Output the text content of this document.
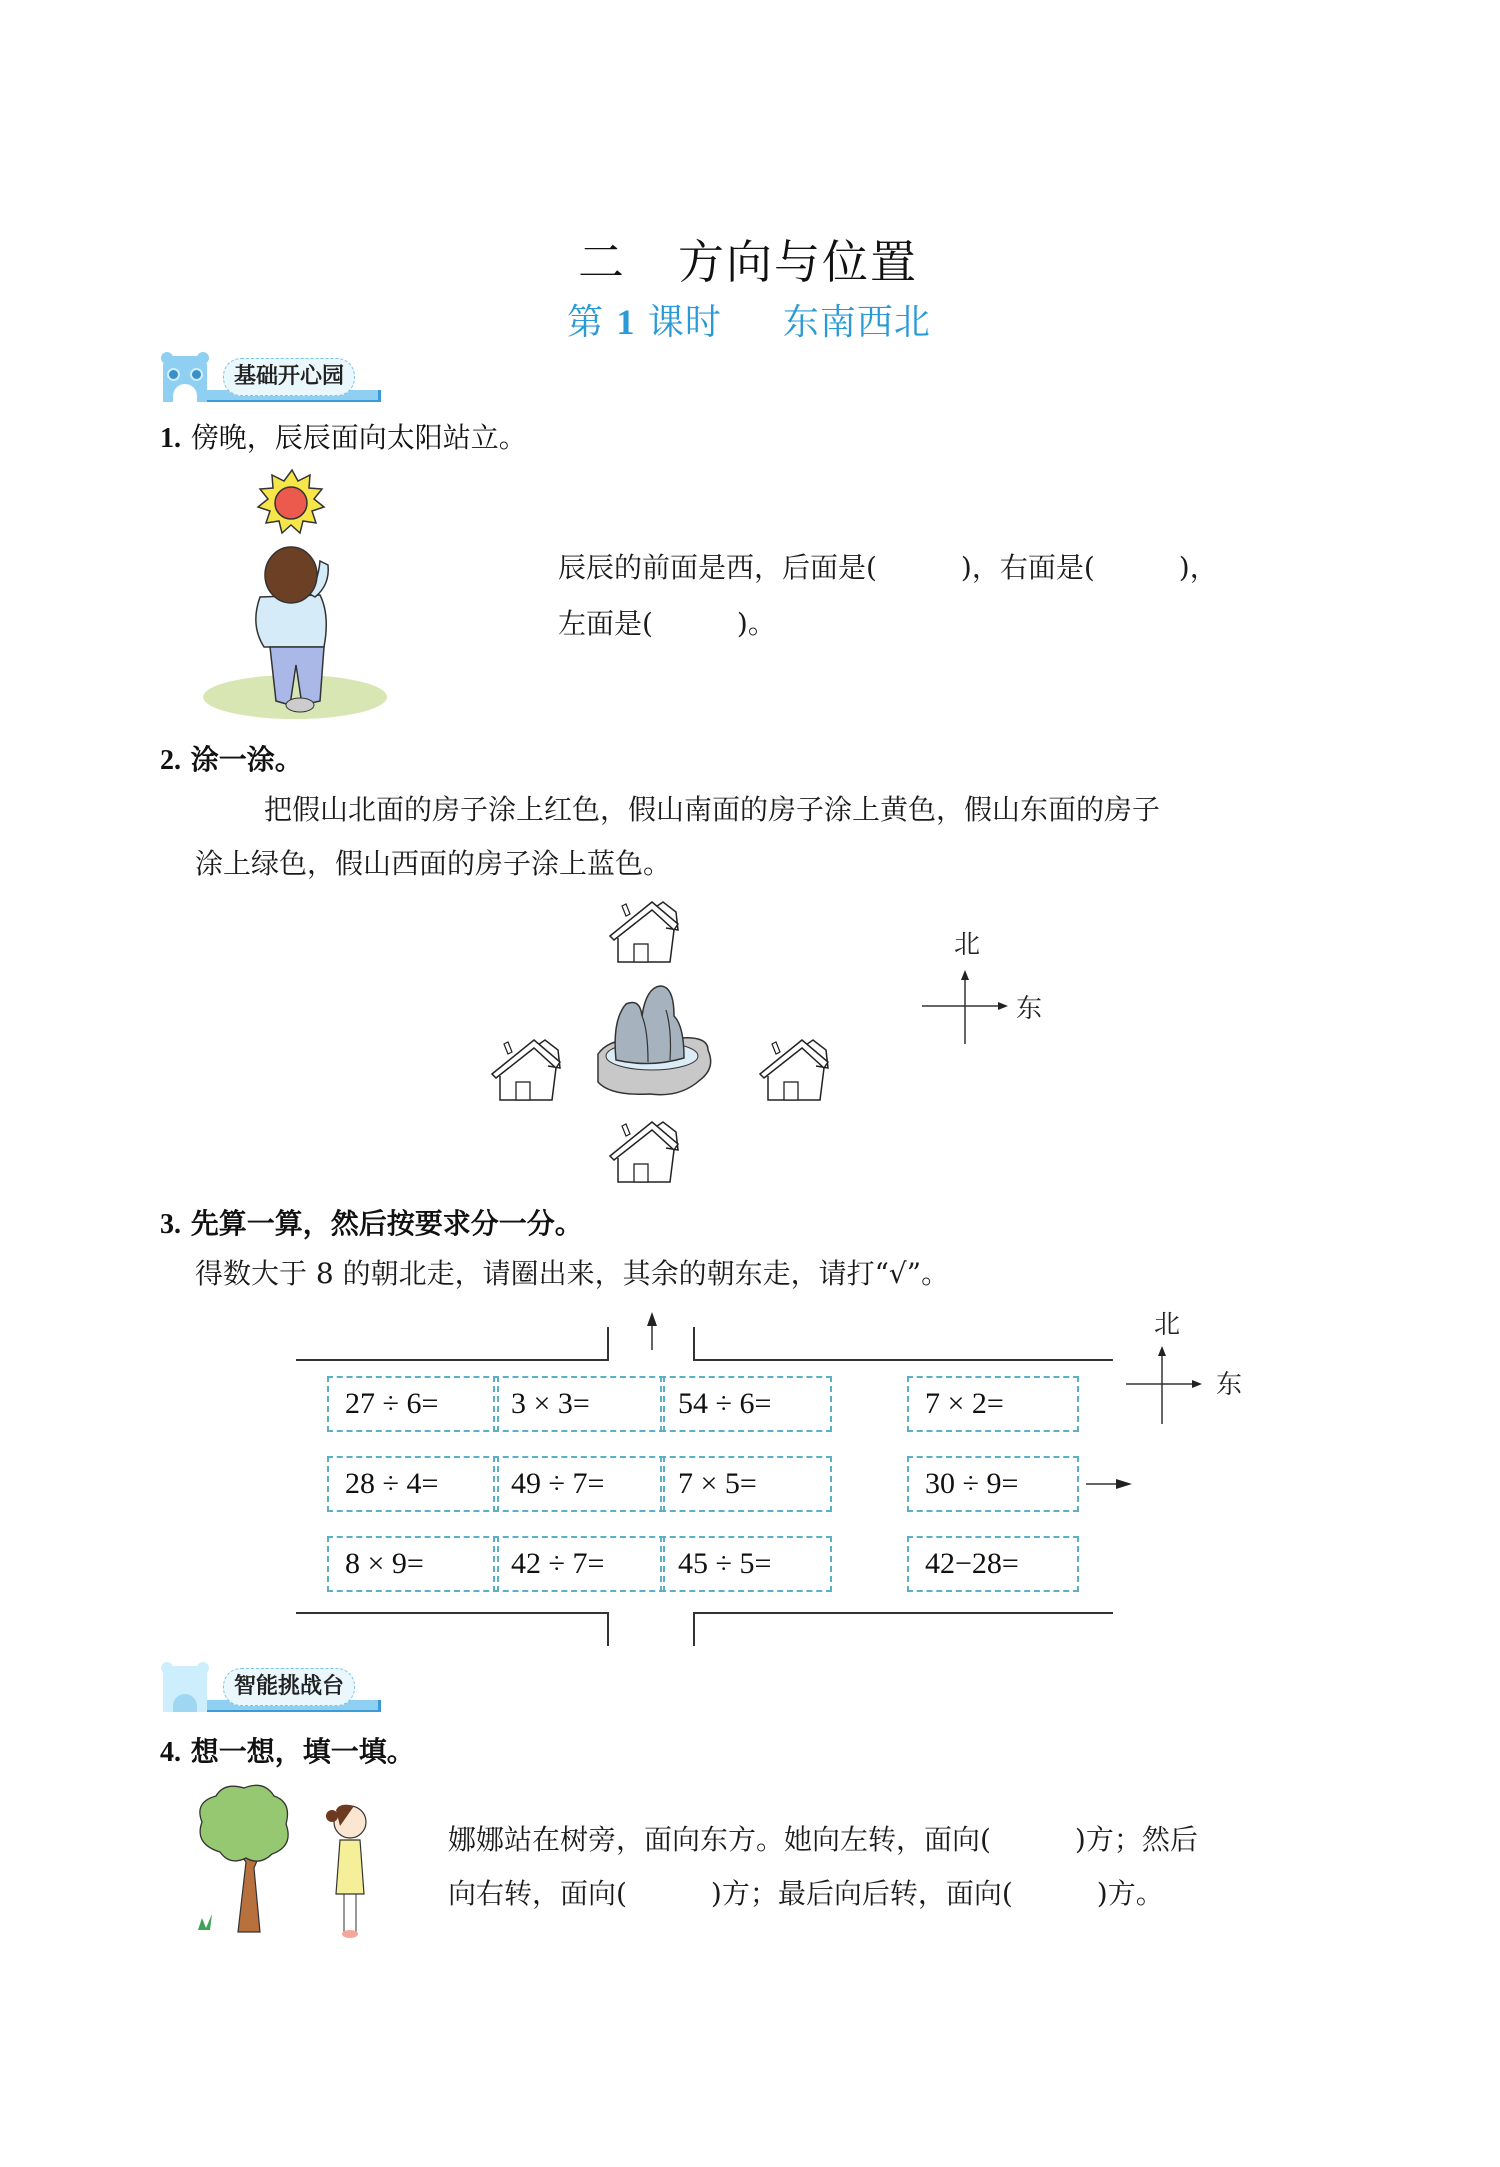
二 方向与位置
第 1 课时 东南西北
基础开心园
1. 傍晚，辰辰面向太阳站立。
辰辰的前面是西，后面是(　　　)，右面是(　　　)，
左面是(　　　)。
2. 涂一涂。
把假山北面的房子涂上红色，假山南面的房子涂上黄色，假山东面的房子
涂上绿色，假山西面的房子涂上蓝色。
北
东
3. 先算一算，然后按要求分一分。
得数大于 8 的朝北走，请圈出来，其余的朝东走，请打“√”。
27 ÷ 6=	3 × 3=	54 ÷ 6=	7 × 2=
28 ÷ 4=	49 ÷ 7=	7 × 5=	30 ÷ 9=
8 × 9=	42 ÷ 7=	45 ÷ 5=	42−28=
北
东
智能挑战台
4. 想一想，填一填。
娜娜站在树旁，面向东方。她向左转，面向(　　　)方；然后
向右转，面向(　　　)方；最后向后转，面向(　　　)方。
